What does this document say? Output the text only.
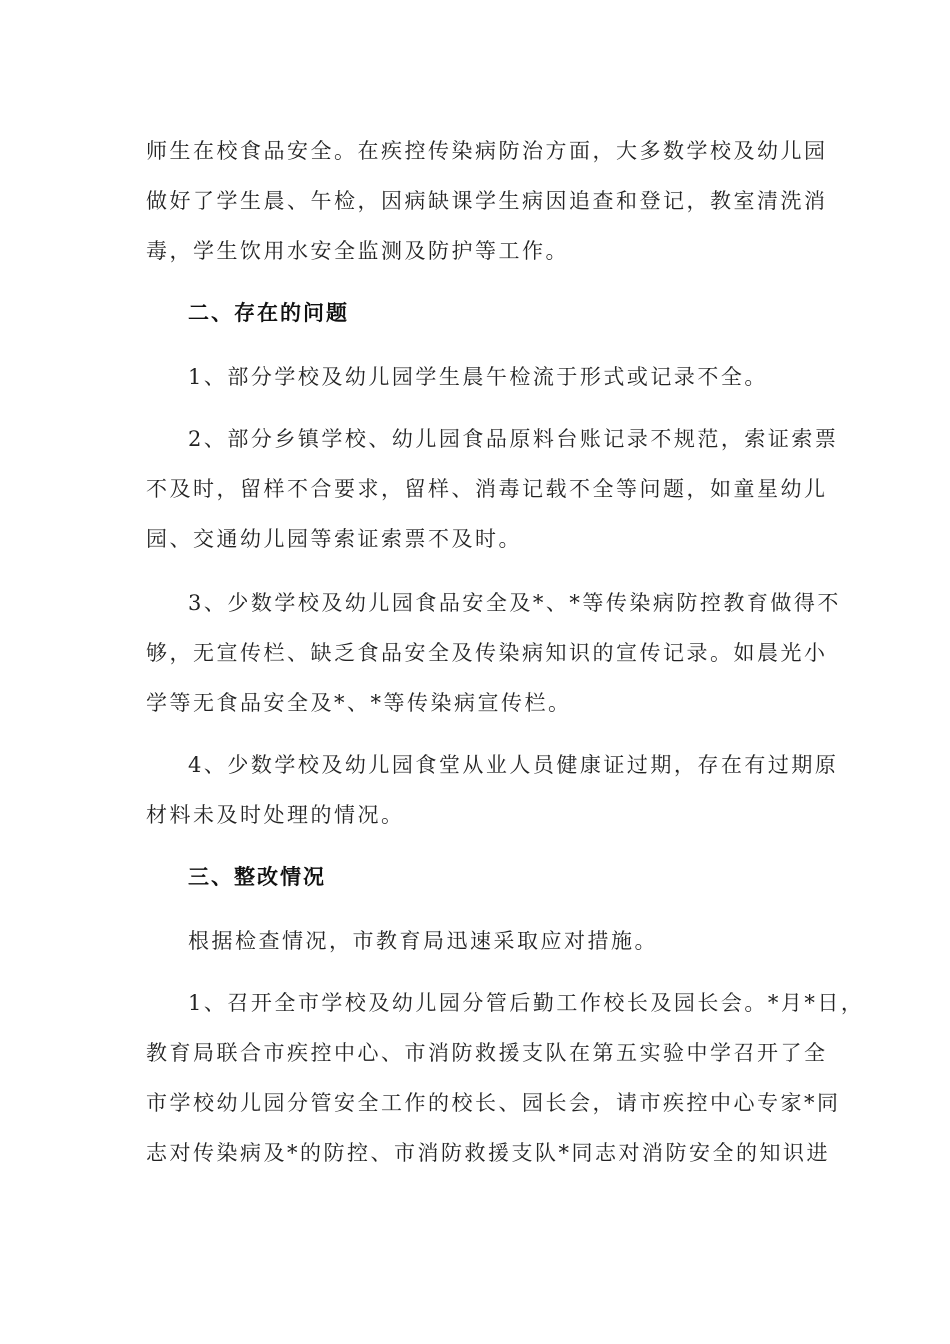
师生在校食品安全。在疾控传染病防治方面，大多数学校及幼儿园
做好了学生晨、午检，因病缺课学生病因追查和登记，教室清洗消
毒，学生饮用水安全监测及防护等工作。
二、存在的问题
1、部分学校及幼儿园学生晨午检流于形式或记录不全。
2、部分乡镇学校、幼儿园食品原料台账记录不规范，索证索票
不及时，留样不合要求，留样、消毒记载不全等问题，如童星幼儿
园、交通幼儿园等索证索票不及时。
3、少数学校及幼儿园食品安全及*、*等传染病防控教育做得不
够，无宣传栏、缺乏食品安全及传染病知识的宣传记录。如晨光小
学等无食品安全及*、*等传染病宣传栏。
4、少数学校及幼儿园食堂从业人员健康证过期，存在有过期原
材料未及时处理的情况。
三、整改情况
根据检查情况，市教育局迅速采取应对措施。
1、召开全市学校及幼儿园分管后勤工作校长及园长会。*月*日，
教育局联合市疾控中心、市消防救援支队在第五实验中学召开了全
市学校幼儿园分管安全工作的校长、园长会，请市疾控中心专家*同
志对传染病及*的防控、市消防救援支队*同志对消防安全的知识进
